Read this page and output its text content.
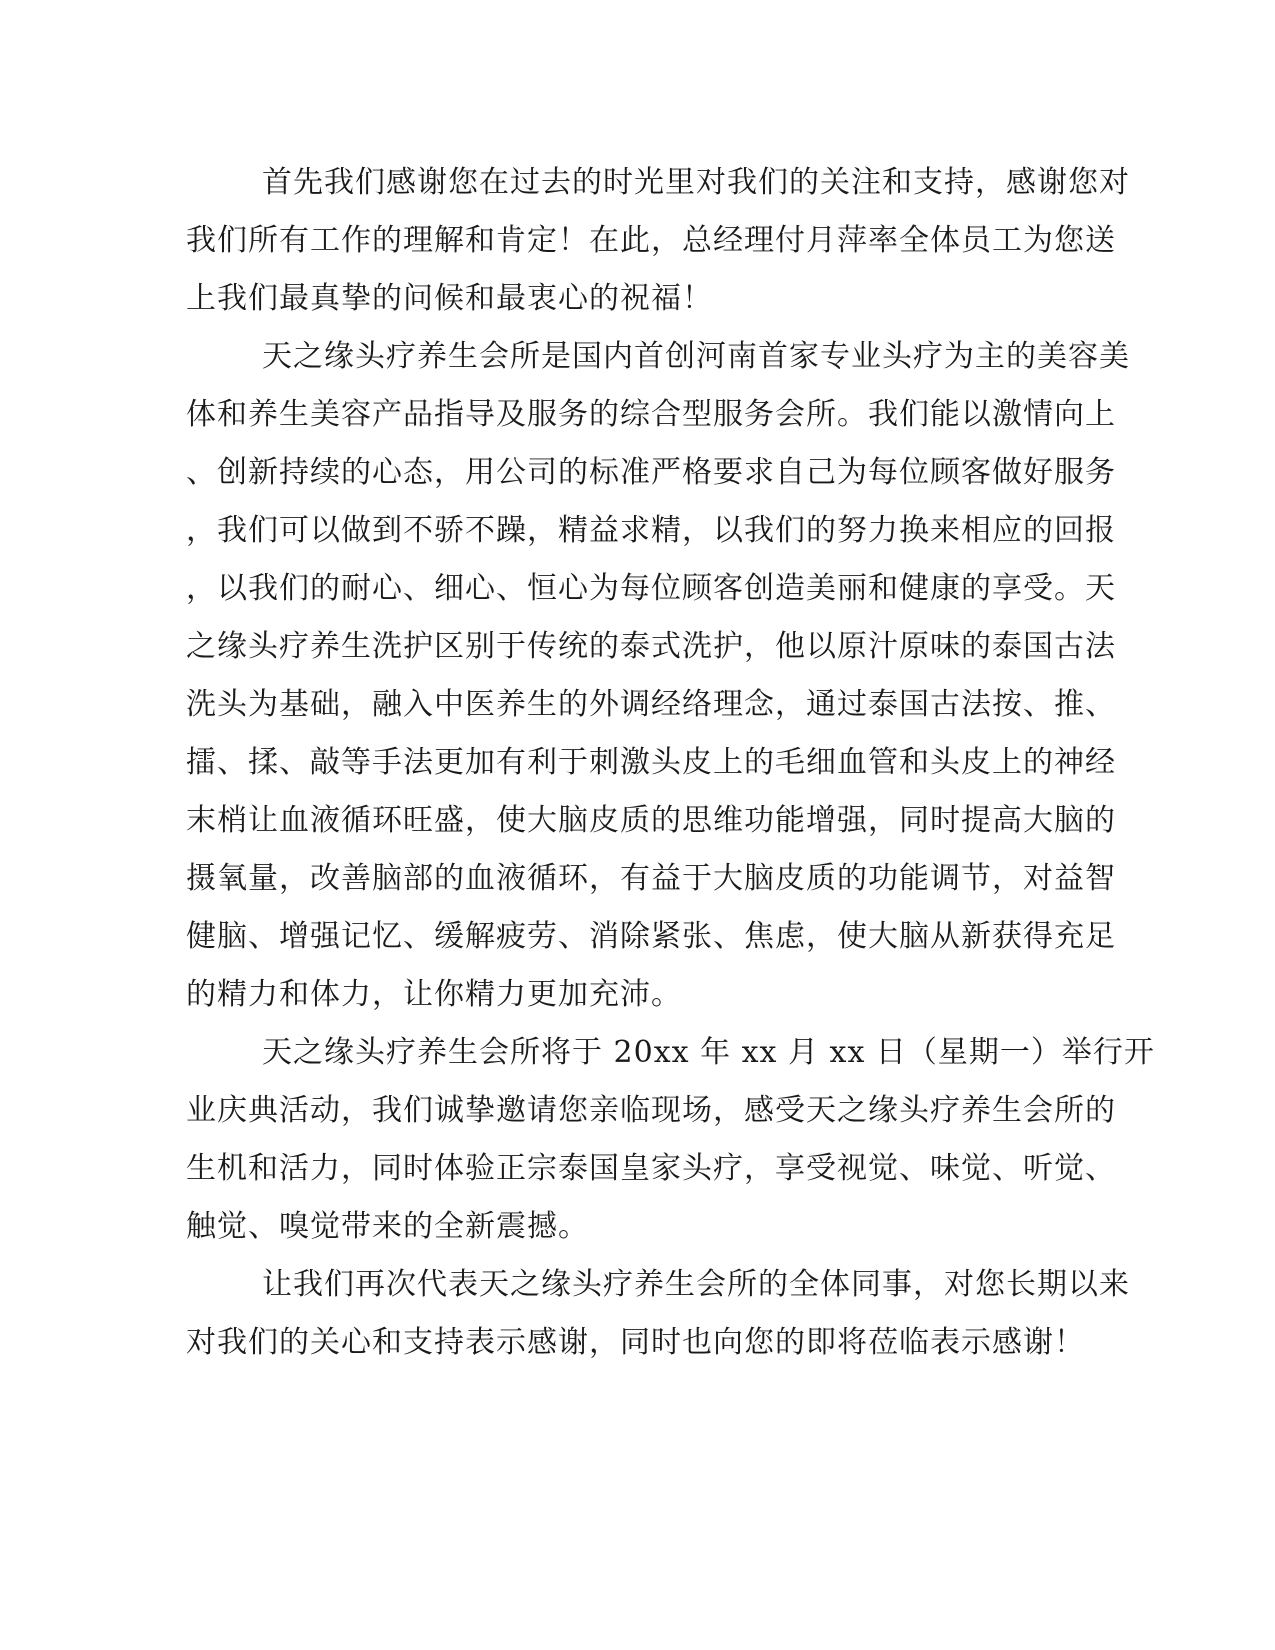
首先我们感谢您在过去的时光里对我们的关注和支持，感谢您对
我们所有工作的理解和肯定！在此，总经理付月萍率全体员工为您送
上我们最真挚的问候和最衷心的祝福！
天之缘头疗养生会所是国内首创河南首家专业头疗为主的美容美
体和养生美容产品指导及服务的综合型服务会所。我们能以激情向上
、创新持续的心态，用公司的标准严格要求自己为每位顾客做好服务
，我们可以做到不骄不躁，精益求精，以我们的努力换来相应的回报
，以我们的耐心、细心、恒心为每位顾客创造美丽和健康的享受。天
之缘头疗养生洗护区别于传统的泰式洗护，他以原汁原味的泰国古法
洗头为基础，融入中医养生的外调经络理念，通过泰国古法按、推、
擂、揉、敲等手法更加有利于刺激头皮上的毛细血管和头皮上的神经
末梢让血液循环旺盛，使大脑皮质的思维功能增强，同时提高大脑的
摄氧量，改善脑部的血液循环，有益于大脑皮质的功能调节，对益智
健脑、增强记忆、缓解疲劳、消除紧张、焦虑，使大脑从新获得充足
的精力和体力，让你精力更加充沛。
天之缘头疗养生会所将于 20xx 年 xx 月 xx 日（星期一）举行开
业庆典活动，我们诚挚邀请您亲临现场，感受天之缘头疗养生会所的
生机和活力，同时体验正宗泰国皇家头疗，享受视觉、味觉、听觉、
触觉、嗅觉带来的全新震撼。
让我们再次代表天之缘头疗养生会所的全体同事，对您长期以来
对我们的关心和支持表示感谢，同时也向您的即将莅临表示感谢！
